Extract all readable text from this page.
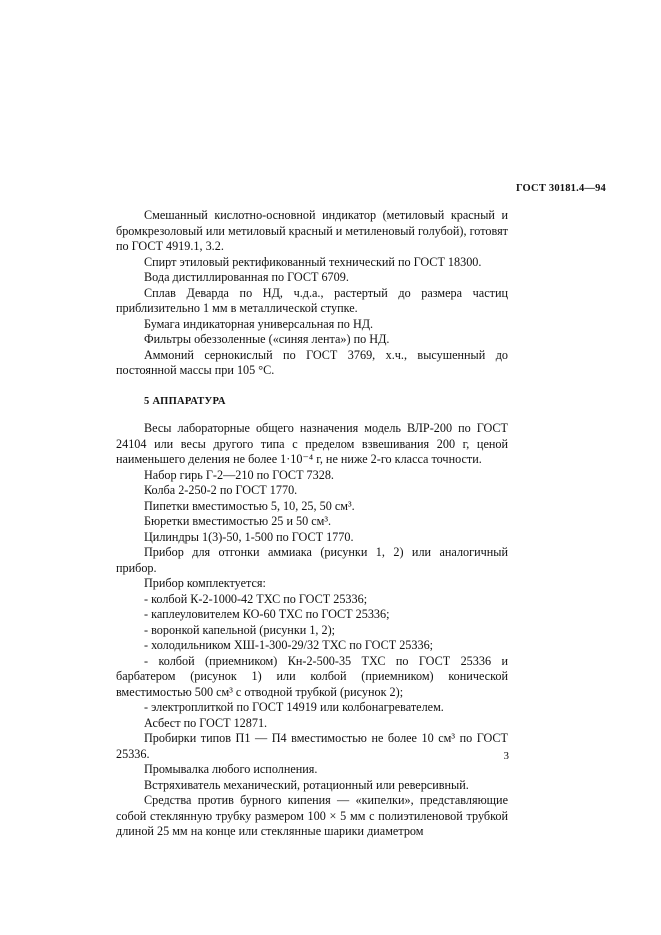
ГОСТ 30181.4—94

Смешанный кислотно-основной индикатор (метиловый красный и бромкрезоловый или метиловый красный и метиленовый голубой), готовят по ГОСТ 4919.1, 3.2.

Спирт этиловый ректификованный технический по ГОСТ 18300.

Вода дистиллированная по ГОСТ 6709.

Сплав Деварда по НД, ч.д.а., растертый до размера частиц приблизительно 1 мм в металлической ступке.

Бумага индикаторная универсальная по НД.

Фильтры обеззоленные («синяя лента») по НД.

Аммоний сернокислый по ГОСТ 3769, х.ч., высушенный до постоянной массы при 105 °С.

5 АППАРАТУРА

Весы лабораторные общего назначения модель ВЛР-200 по ГОСТ 24104 или весы другого типа с пределом взвешивания 200 г, ценой наименьшего деления не более 1·10⁻⁴ г, не ниже 2-го класса точности.

Набор гирь Г-2—210 по ГОСТ 7328.

Колба 2-250-2 по ГОСТ 1770.

Пипетки вместимостью 5, 10, 25, 50 см³.

Бюретки вместимостью 25 и 50 см³.

Цилиндры 1(3)-50, 1-500 по ГОСТ 1770.

Прибор для отгонки аммиака (рисунки 1, 2) или аналогичный прибор.

Прибор комплектуется:

- колбой К-2-1000-42 ТХС по ГОСТ 25336;

- каплеуловителем КО-60 ТХС по ГОСТ 25336;

- воронкой капельной (рисунки 1, 2);

- холодильником ХШ-1-300-29/32 ТХС по ГОСТ 25336;

- колбой (приемником) Кн-2-500-35 ТХС по ГОСТ 25336 и барбатером (рисунок 1) или колбой (приемником) конической вместимостью 500 см³ с отводной трубкой (рисунок 2);

- электроплиткой по ГОСТ 14919 или колбонагревателем.

Асбест по ГОСТ 12871.

Пробирки типов П1 — П4 вместимостью не более 10 см³ по ГОСТ 25336.

Промывалка любого исполнения.

Встряхиватель механический, ротационный или реверсивный.

Средства против бурного кипения — «кипелки», представляющие собой стеклянную трубку размером 100 × 5 мм с полиэтиленовой трубкой длиной 25 мм на конце или стеклянные шарики диаметром

3
